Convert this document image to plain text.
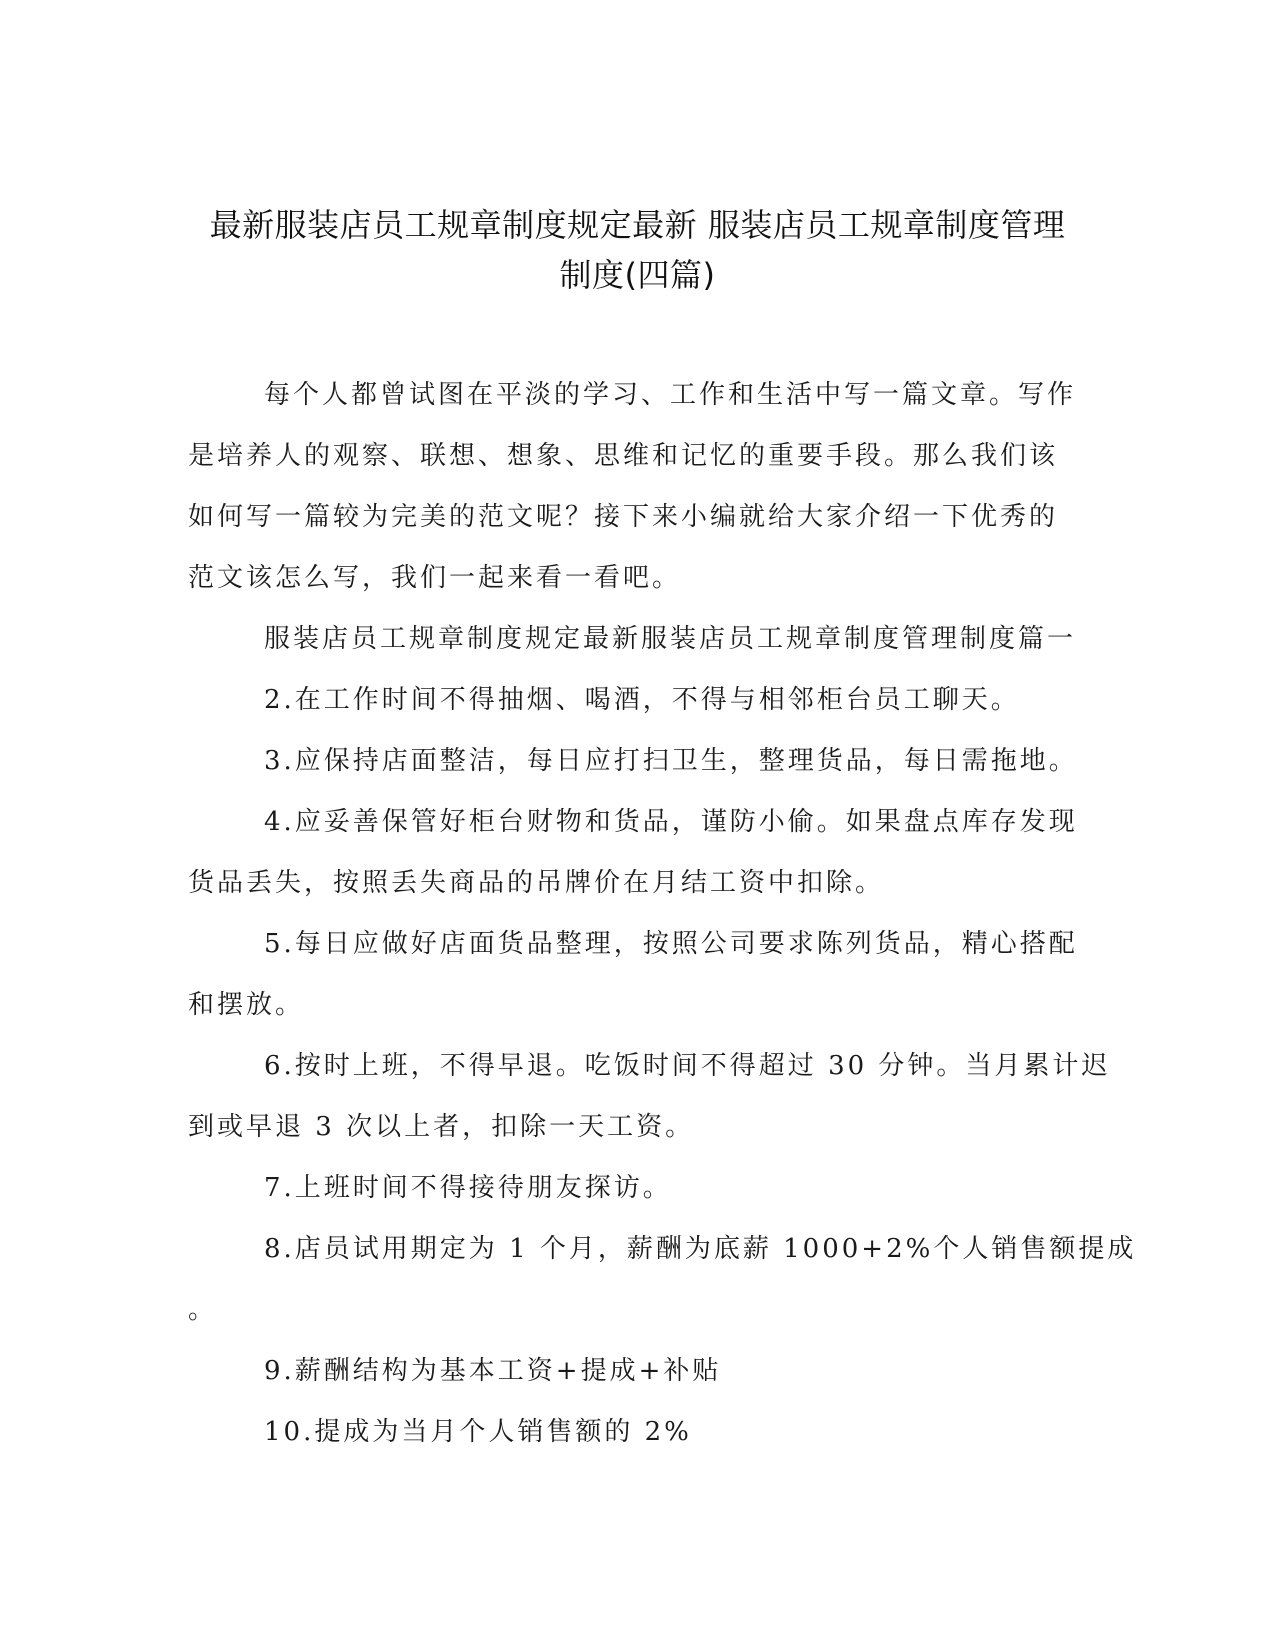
最新服装店员工规章制度规定最新 服装店员工规章制度管理
制度(四篇)
每个人都曾试图在平淡的学习、工作和生活中写一篇文章。写作
是培养人的观察、联想、想象、思维和记忆的重要手段。那么我们该
如何写一篇较为完美的范文呢？接下来小编就给大家介绍一下优秀的
范文该怎么写，我们一起来看一看吧。
服装店员工规章制度规定最新服装店员工规章制度管理制度篇一
2.在工作时间不得抽烟、喝酒，不得与相邻柜台员工聊天。
3.应保持店面整洁，每日应打扫卫生，整理货品，每日需拖地。
4.应妥善保管好柜台财物和货品，谨防小偷。如果盘点库存发现
货品丢失，按照丢失商品的吊牌价在月结工资中扣除。
5.每日应做好店面货品整理，按照公司要求陈列货品，精心搭配
和摆放。
6.按时上班，不得早退。吃饭时间不得超过 30 分钟。当月累计迟
到或早退 3 次以上者，扣除一天工资。
7.上班时间不得接待朋友探访。
8.店员试用期定为 1 个月，薪酬为底薪 1000+2%个人销售额提成
。
9.薪酬结构为基本工资+提成+补贴
10.提成为当月个人销售额的 2%
